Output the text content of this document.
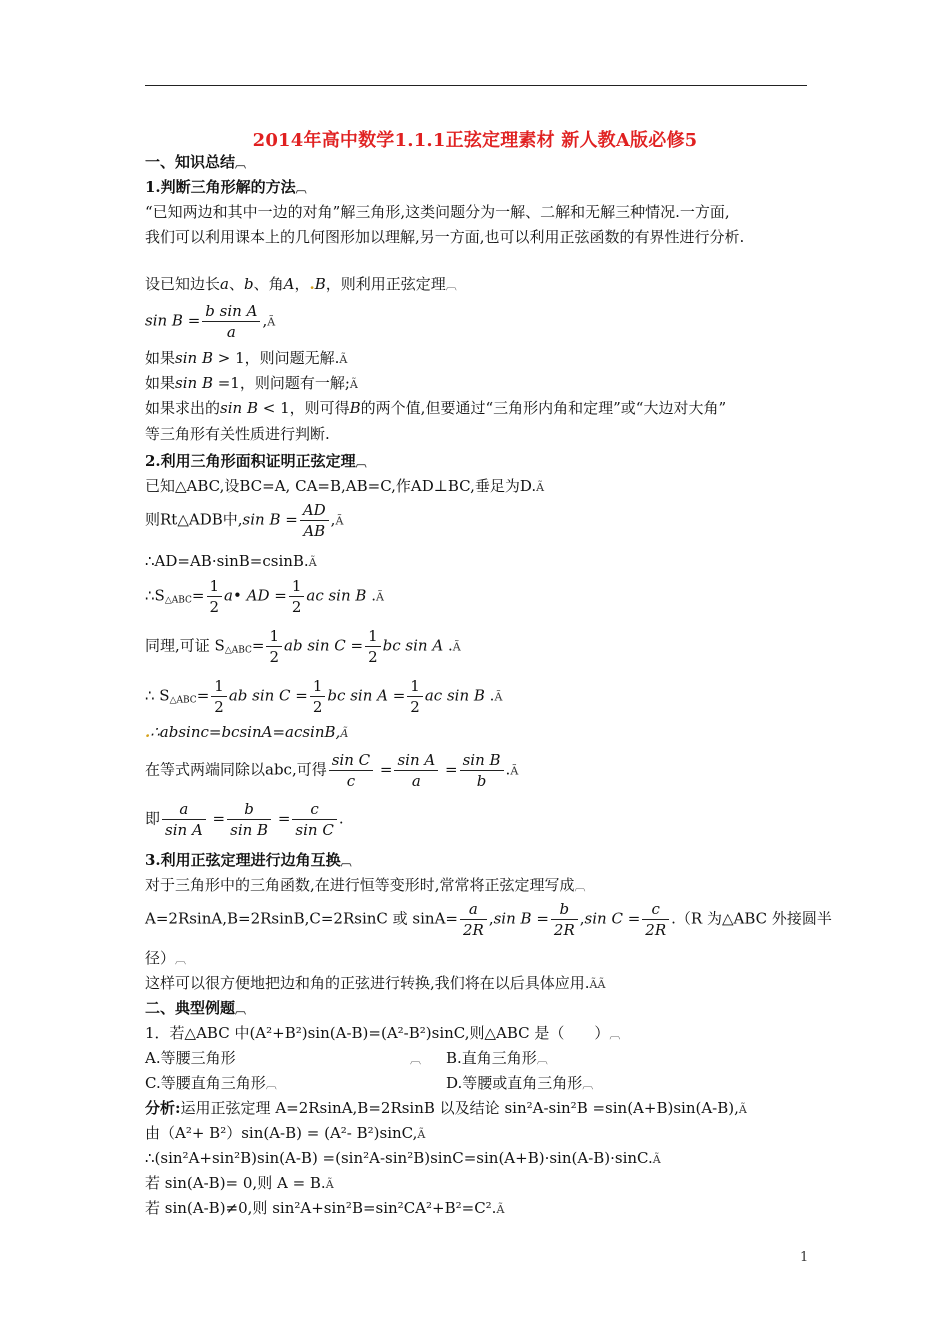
2014年高中数学1.1.1正弦定理素材 新人教A版必修5
一、知识总结︹
1.判断三角形解的方法︹
“已知两边和其中一边的对角”解三角形,这类问题分为一解、二解和无解三种情况.一方面,
我们可以利用课本上的几何图形加以理解,另一方面,也可以利用正弦函数的有界性进行分析.
设已知边长a、b、角A，.B，则利用正弦定理︹
$\sin B = \frac{\text{b sin A}}{a}$ ,Ã
如果sin B > 1，则问题无解.Ã
如果sin B =1，则问题有一解;Ã
如果求出的sin B < 1，则可得B的两个值,但要通过“三角形内角和定理”或“大边对大角”
等三角形有关性质进行判断.
2.利用三角形面积证明正弦定理︹
已知△ABC,设BC=A, CA=B,AB=C,作AD⊥BC,垂足为D.Ã
则Rt△ADB中,sin $B = \frac{AD}{AB}$ ,Ã
∴AD=AB·sinB=csinB.Ã
$\therefore S_{\triangle ABC}= \frac{1}{2}$ a• AD = $\frac{1}{2}$ ac sin B .Ã
同理,可证 $S_{\triangle ABC}= \frac{1}{2}$ ab $\sin C = \frac{1}{2}$ bc sin A .Ã
∴ $S_{\triangle ABC}= \frac{1}{2}$ ab $\sin C = \frac{1}{2}$ bc $\sin A = \frac{1}{2}$ ac sin B .Ã
.∴absinc=bcsinA=acsinB,Ã
在等式两端同除以abc,可得 $\frac{\text{sin C}}{c} = \frac{\text{sin A}}{a} = \frac{\text{sin B}}{b}$ .Ã
即 $\frac{a}{\text{sin A}} = \frac{b}{\text{sin B}} = \frac{c}{\text{sin C}}$ .
3.利用正弦定理进行边角互换︹
对于三角形中的三角函数,在进行恒等变形时,常常将正弦定理写成︹
A=2RsinA,B=2RsinB,C=2RsinC 或 $\sin A= \frac{a}{2R} ,\sin$ $B = \frac{b}{2R} ,\sin$ $C = \frac{c}{2R} .(R$ 为△ABC 外接圆半
径）︹
这样可以很方便地把边和角的正弦进行转换,我们将在以后具体应用.ÃÃ
二、典型例题︹
1．若△ABC 中(A²+B²)sin(A-B)=(A²-B²)sinC,则△ABC 是（　　）︹
A.等腰三角形	︹ B.直角三角形︹
C.等腰直角三角形︹	D.等腰或直角三角形︹
分析:运用正弦定理 A=2RsinA,B=2RsinB 以及结论 sin²A-sin²B =sin(A+B)sin(A-B),Ã
由（A²+ B²）sin(A-B) = (A²- B²)sinC,Ã
∴(sin²A+sin²B)sin(A-B) =(sin²A-sin²B)sinC=sin(A+B)·sin(A-B)·sinC.Ã
若 sin(A-B)= 0,则 A = B.Ã
若 sin(A-B)≠0,则 sin²A+sin²B=sin²CA²+B²=C².Ã
1
